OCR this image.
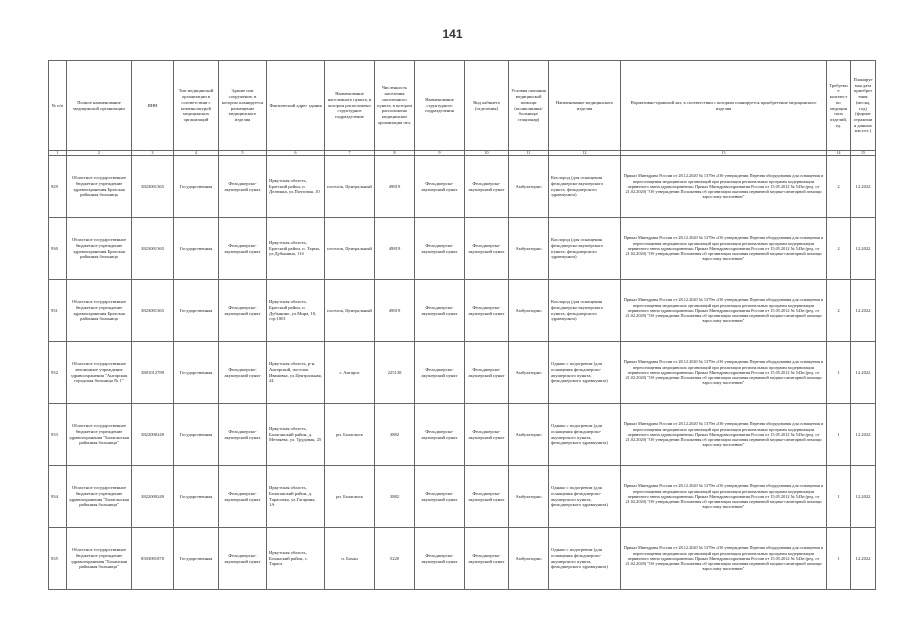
141
№ п/п	Полное наименование медицинской организации	ИНН	Тип медицинской организации в соответствии с номенклатурой медицинских организаций	Здание или сооружение, в котором планируется размещение медицинского изделия	Фактический адрес здания	Наименование населенного пункта, в котором расположено структурное подразделение	Численность населения населенного пункта, в котором расположено медицинское организация чел.	Наименование структурного подразделения	Вид кабинета (отделения)	Условия оказания медицинской помощи (поликлиника/больница/стационар)	Наименование медицинского изделия	Нормативно-правовой акт, в соответствии с которым планируется приобретение медицинского изделия	Требуемое количество медицинских изделий, ед.	Планируемая дата приобретения (месяц, год) (формат отражения данных мм.гггг.)
1	2	3	4	5	6	7	8	9	10	11	12	13	14	15
929	Областное государственное бюджетное учреждение здравоохранения Братская районная больница	3823001365	Государственная	Фельдшерско-акушерский пункт	Иркутская область, Братский район, п. Делюнка, ул.Почтовая, 10	поселок, Центральный	49819	Фельдшерско-акушерский пункт	Фельдшерско-акушерский пункт	Амбулаторно	Кислород (для оснащения фельдшерско-акушерского пункта, фельдшерского здравпункта)	Приказ Минздрава России от 28.12.2020 № 1379н «Об утверждении Перечня оборудования для оснащения и переоснащения медицинских организаций при реализации региональных программ модернизации первичного звена здравоохранения» Приказ Минздравсоцразвития России от 15.05.2012 № 543н (ред. от 21.02.2020) "Об утверждении Положения об организации оказания первичной медико-санитарной помощи взрослому населению"	2	12.2022
930	Областное государственное бюджетное учреждение здравоохранения Братская районная больница	3823001365	Государственная	Фельдшерско-акушерский пункт	Иркутская область, Братский район, п. Тарма, ул.Дубынина, 11б	поселок, Центральный	49819	Фельдшерско-акушерский пункт	Фельдшерско-акушерский пункт	Амбулаторно	Кислород (для оснащения фельдшерско-акушерского пункта, фельдшерского здравпункта)	Приказ Минздрава России от 28.12.2020 № 1379н «Об утверждении Перечня оборудования для оснащения и переоснащения медицинских организаций при реализации региональных программ модернизации первичного звена здравоохранения» Приказ Минздравсоцразвития России от 15.05.2012 № 543н (ред. от 21.02.2020) "Об утверждении Положения об организации оказания первичной медико-санитарной помощи взрослому населению"	2	12.2022
931	Областное государственное бюджетное учреждение здравоохранения Братская районная больница	3823001365	Государственная	Фельдшерско-акушерский пункт	Иркутская область, Братский район, п. Дубынино, ул.Мира, 10, стр.1001	поселок, Центральный	49819	Фельдшерско-акушерский пункт	Фельдшерско-акушерский пункт	Амбулаторно	Кислород (для оснащения фельдшерско-акушерского пункта, фельдшерского здравпункта)	Приказ Минздрава России от 28.12.2020 № 1379н «Об утверждении Перечня оборудования для оснащения и переоснащения медицинских организаций при реализации региональных программ модернизации первичного звена здравоохранения» Приказ Минздравсоцразвития России от 15.05.2012 № 543н (ред. от 21.02.2020) "Об утверждении Положения об организации оказания первичной медико-санитарной помощи взрослому населению"	2	12.2022
932	Областное государственное автономное учреждение здравоохранения "Ангарская городская больница № 1"	3801012789	Государственная	Фельдшерско-акушерский пункт	Иркутская область, р-н. Ангарский, поселок Ивановка, ул.Центральная, 24	г. Ангарск	225138	Фельдшерско-акушерский пункт	Фельдшерско-акушерский пункт	Амбулаторно	Однако с подогревом (для оснащения фельдшерско-акушерского пункта, фельдшерского здравпункта)	Приказ Минздрава России от 28.12.2020 № 1379н «Об утверждении Перечня оборудования для оснащения и переоснащения медицинских организаций при реализации региональных программ модернизации первичного звена здравоохранения» Приказ Минздравсоцразвития России от 15.05.2012 № 543н (ред. от 21.02.2020) "Об утверждении Положения об организации оказания первичной медико-санитарной помощи взрослому населению"	1	12.2022
933	Областное государственное бюджетное учреждение здравоохранения "Балаганская районная больница"	3822000249	Государственная	Фельдшерско-акушерский пункт	Иркутская область, Балаганский район, д. Метляева, ул. Трудовая, 25	рп. Балаганск	3882	Фельдшерско-акушерский пункт	Фельдшерско-акушерский пункт	Амбулаторно	Однако с подогревом (для оснащения фельдшерско-акушерского пункта, фельдшерского здравпункта)	Приказ Минздрава России от 28.12.2020 № 1379н «Об утверждении Перечня оборудования для оснащения и переоснащения медицинских организаций при реализации региональных программ модернизации первичного звена здравоохранения» Приказ Минздравсоцразвития России от 15.05.2012 № 543н (ред. от 21.02.2020) "Об утверждении Положения об организации оказания первичной медико-санитарной помощи взрослому населению"	1	12.2022
934	Областное государственное бюджетное учреждение здравоохранения "Балаганская районная больница"	3822000249	Государственная	Фельдшерско-акушерский пункт	Иркутская область, Балаганский район, д. Тарасовка, ул.Гагарина, 1А	рп. Балаганск	3882	Фельдшерско-акушерский пункт	Фельдшерско-акушерский пункт	Амбулаторно	Однако с подогревом (для оснащения фельдшерско-акушерского пункта, фельдшерского здравпункта)	Приказ Минздрава России от 28.12.2020 № 1379н «Об утверждении Перечня оборудования для оснащения и переоснащения медицинских организаций при реализации региональных программ модернизации первичного звена здравоохранения» Приказ Минздравсоцразвития России от 15.05.2012 № 543н (ред. от 21.02.2020) "Об утверждении Положения об организации оказания первичной медико-санитарной помощи взрослому населению"	1	12.2022
935	Областное государственное бюджетное учреждение здравоохранения "Боханская районная больница"	8503001870	Государственная	Фельдшерско-акушерский пункт	Иркутская область, Боханский район, с. Тараса	п. Бохан	5220	Фельдшерско-акушерский пункт	Фельдшерско-акушерский пункт	Амбулаторно	Однако с подогревом (для оснащения фельдшерско-акушерского пункта, фельдшерского здравпункта)	Приказ Минздрава России от 28.12.2020 № 1379н «Об утверждении Перечня оборудования для оснащения и переоснащения медицинских организаций при реализации региональных программ модернизации первичного звена здравоохранения» Приказ Минздравсоцразвития России от 15.05.2012 № 543н (ред. от 21.02.2020) "Об утверждении Положения об организации оказания первичной медико-санитарной помощи взрослому населению"	1	12.2022
